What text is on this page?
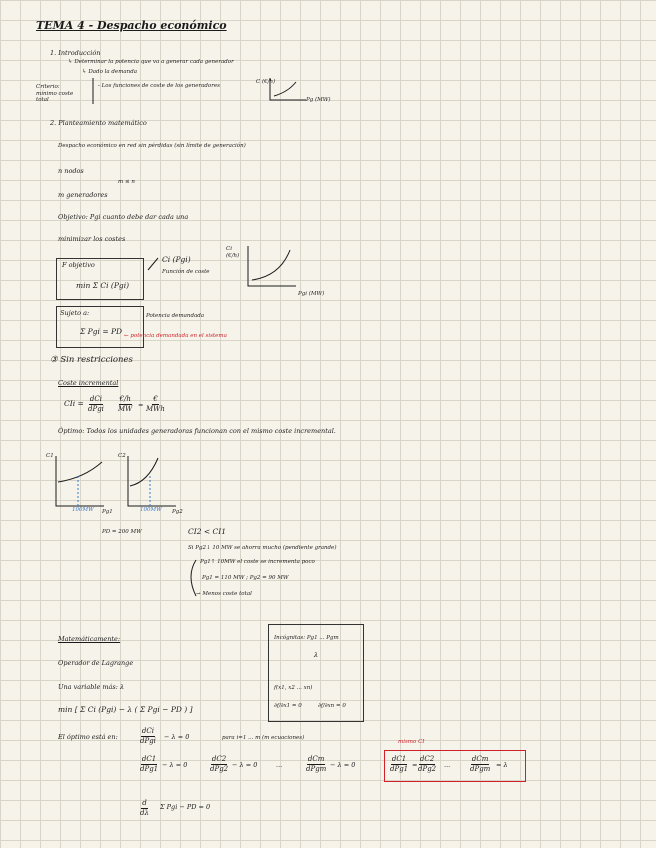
TEMA 4 - Despacho económico
1. Introducción
↳ Determinar la potencia que va a generar cada generador
↳ Dado la demanda
Criterio: mínimo coste total
- Los funciones de coste de los generadores
C (€/h)
Pg (MW)
2. Planteamiento matemático
Despacho económico en red sin pérdidas (sin límite de generación)
n nodos
m ≤ n
m generadores
Objetivo: Pgi cuanto debe dar cada una
minimizar los costes
F objetivo
min Σ Ci (Pgi)
Ci (Pgi)
Función de coste
Ci (€/h)
Pgi (MW)
Sujeto a:
Σ Pgi = PD
Potencia demandada
← potencia demandada en el sistema
③ Sin restricciones
Coste incremental
CIi = dCi
dPgi $\frac{€/h}{MW}$ =
€
MWh
Óptimo: Todos los unidades generadoras funcionan con el mismo coste incremental.
C1
100MW Pg1
C2
100MW Pg2
PD = 200 MW	CI2 < CI1
Si Pg2↓ 10 MW se ahorra mucho (pendiente grande)
Pg1↑ 10MW el coste se incrementa poco
Pg1 = 110 MW ; Pg2 = 90 MW
→ Menos coste total
Matemáticamente:
Operador de Lagrange
Una variable más: λ
min [ Σ Ci (Pgi) − λ ( Σ Pgi − PD ) ]
Incógnitas: Pg1 ... Pgm
λ
f(x1, x2 ... xn)
∂f/∂x1 = 0	∂f/∂xn = 0
El óptimo está en:
dCi
dPgi − λ = 0	para i=1 ... m (m ecuaciones)
dC1
dPg1 − λ = 0
dC2
dPg2 − λ = 0	...
dCm
dPgm − λ = 0
mismo CI
dC1
dPg1 =
dC2
dPg2 ...
dCm
dPgm = λ
$\frac{d}{d\lambda}$ Σ Pgi − PD = 0
